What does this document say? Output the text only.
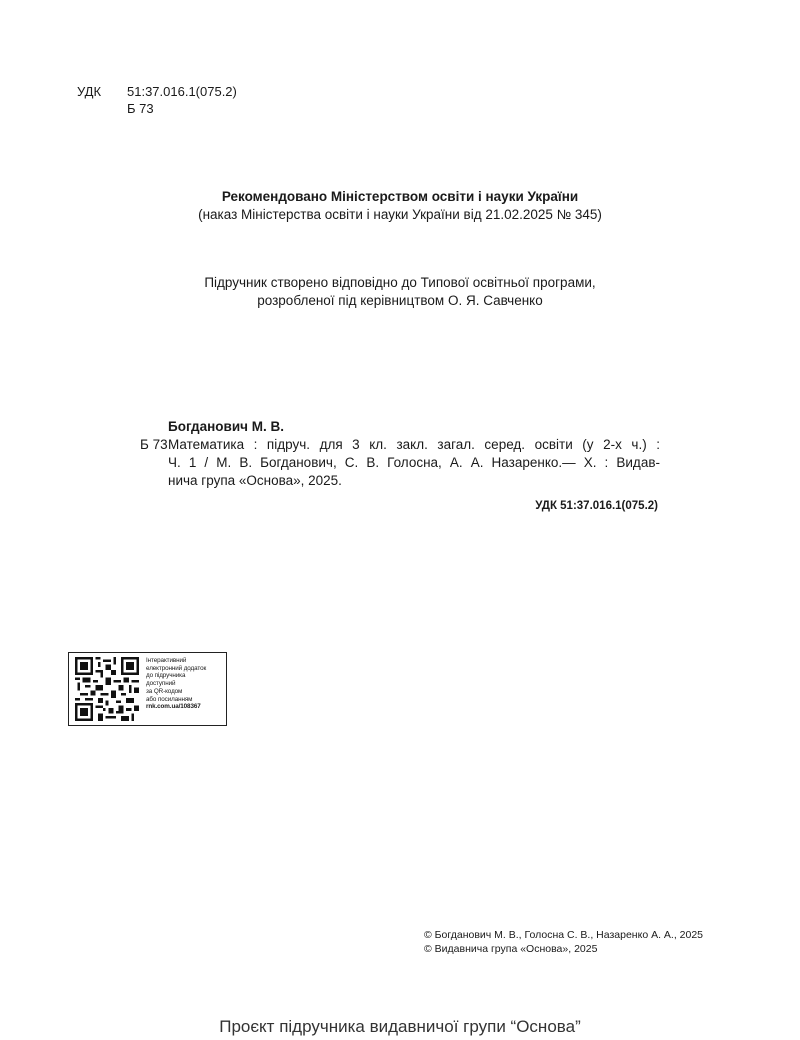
УДК 51:37.016.1(075.2)
Б 73
Рекомендовано Міністерством освіти і науки України
(наказ Міністерства освіти і науки України від 21.02.2025 № 345)
Підручник створено відповідно до Типової освітньої програми,
розробленої під керівництвом О. Я. Савченко
Богданович М. В.
Б 73 Математика : підруч. для 3 кл. закл. загал. серед. освіти (у 2-х ч.) :
Ч. 1 / М. В. Богданович, С. В. Голосна, А. А. Назаренко.— Х. : Видав-
нича група «Основа», 2025.
УДК 51:37.016.1(075.2)
Інтерактивний
електронний додаток
до підручника
доступний
за QR-кодом
або посиланням
rnk.com.ua/108367
© Богданович М. В., Голосна С. В., Назаренко А. А., 2025
© Видавнича група «Основа», 2025
Проєкт підручника видавничої групи “Основа”
